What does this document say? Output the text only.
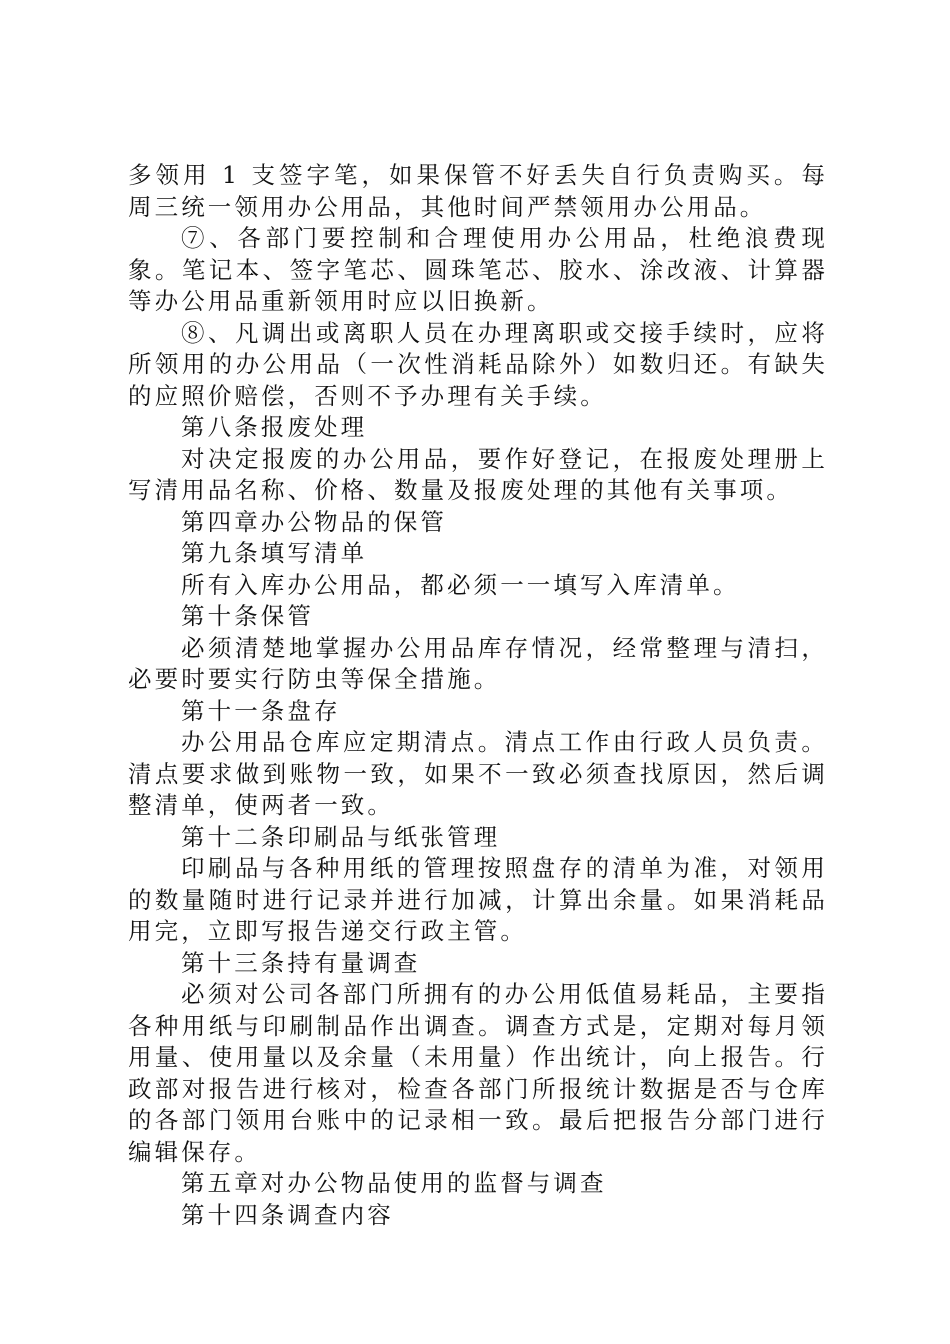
多领用 1 支签字笔，如果保管不好丢失自行负责购买。每周三统一领用办公用品，其他时间严禁领用办公用品。

⑦、各部门要控制和合理使用办公用品，杜绝浪费现象。笔记本、签字笔芯、圆珠笔芯、胶水、涂改液、计算器等办公用品重新领用时应以旧换新。

⑧、凡调出或离职人员在办理离职或交接手续时，应将所领用的办公用品（一次性消耗品除外）如数归还。有缺失的应照价赔偿，否则不予办理有关手续。

第八条报废处理

对决定报废的办公用品，要作好登记，在报废处理册上写清用品名称、价格、数量及报废处理的其他有关事项。

第四章办公物品的保管

第九条填写清单

所有入库办公用品，都必须一一填写入库清单。

第十条保管

必须清楚地掌握办公用品库存情况，经常整理与清扫，必要时要实行防虫等保全措施。

第十一条盘存

办公用品仓库应定期清点。清点工作由行政人员负责。清点要求做到账物一致，如果不一致必须查找原因，然后调整清单，使两者一致。

第十二条印刷品与纸张管理

印刷品与各种用纸的管理按照盘存的清单为准，对领用的数量随时进行记录并进行加减，计算出余量。如果消耗品用完，立即写报告递交行政主管。

第十三条持有量调查

必须对公司各部门所拥有的办公用低值易耗品，主要指各种用纸与印刷制品作出调查。调查方式是，定期对每月领用量、使用量以及余量（未用量）作出统计，向上报告。行政部对报告进行核对，检查各部门所报统计数据是否与仓库的各部门领用台账中的记录相一致。最后把报告分部门进行编辑保存。

第五章对办公物品使用的监督与调查

第十四条调查内容
